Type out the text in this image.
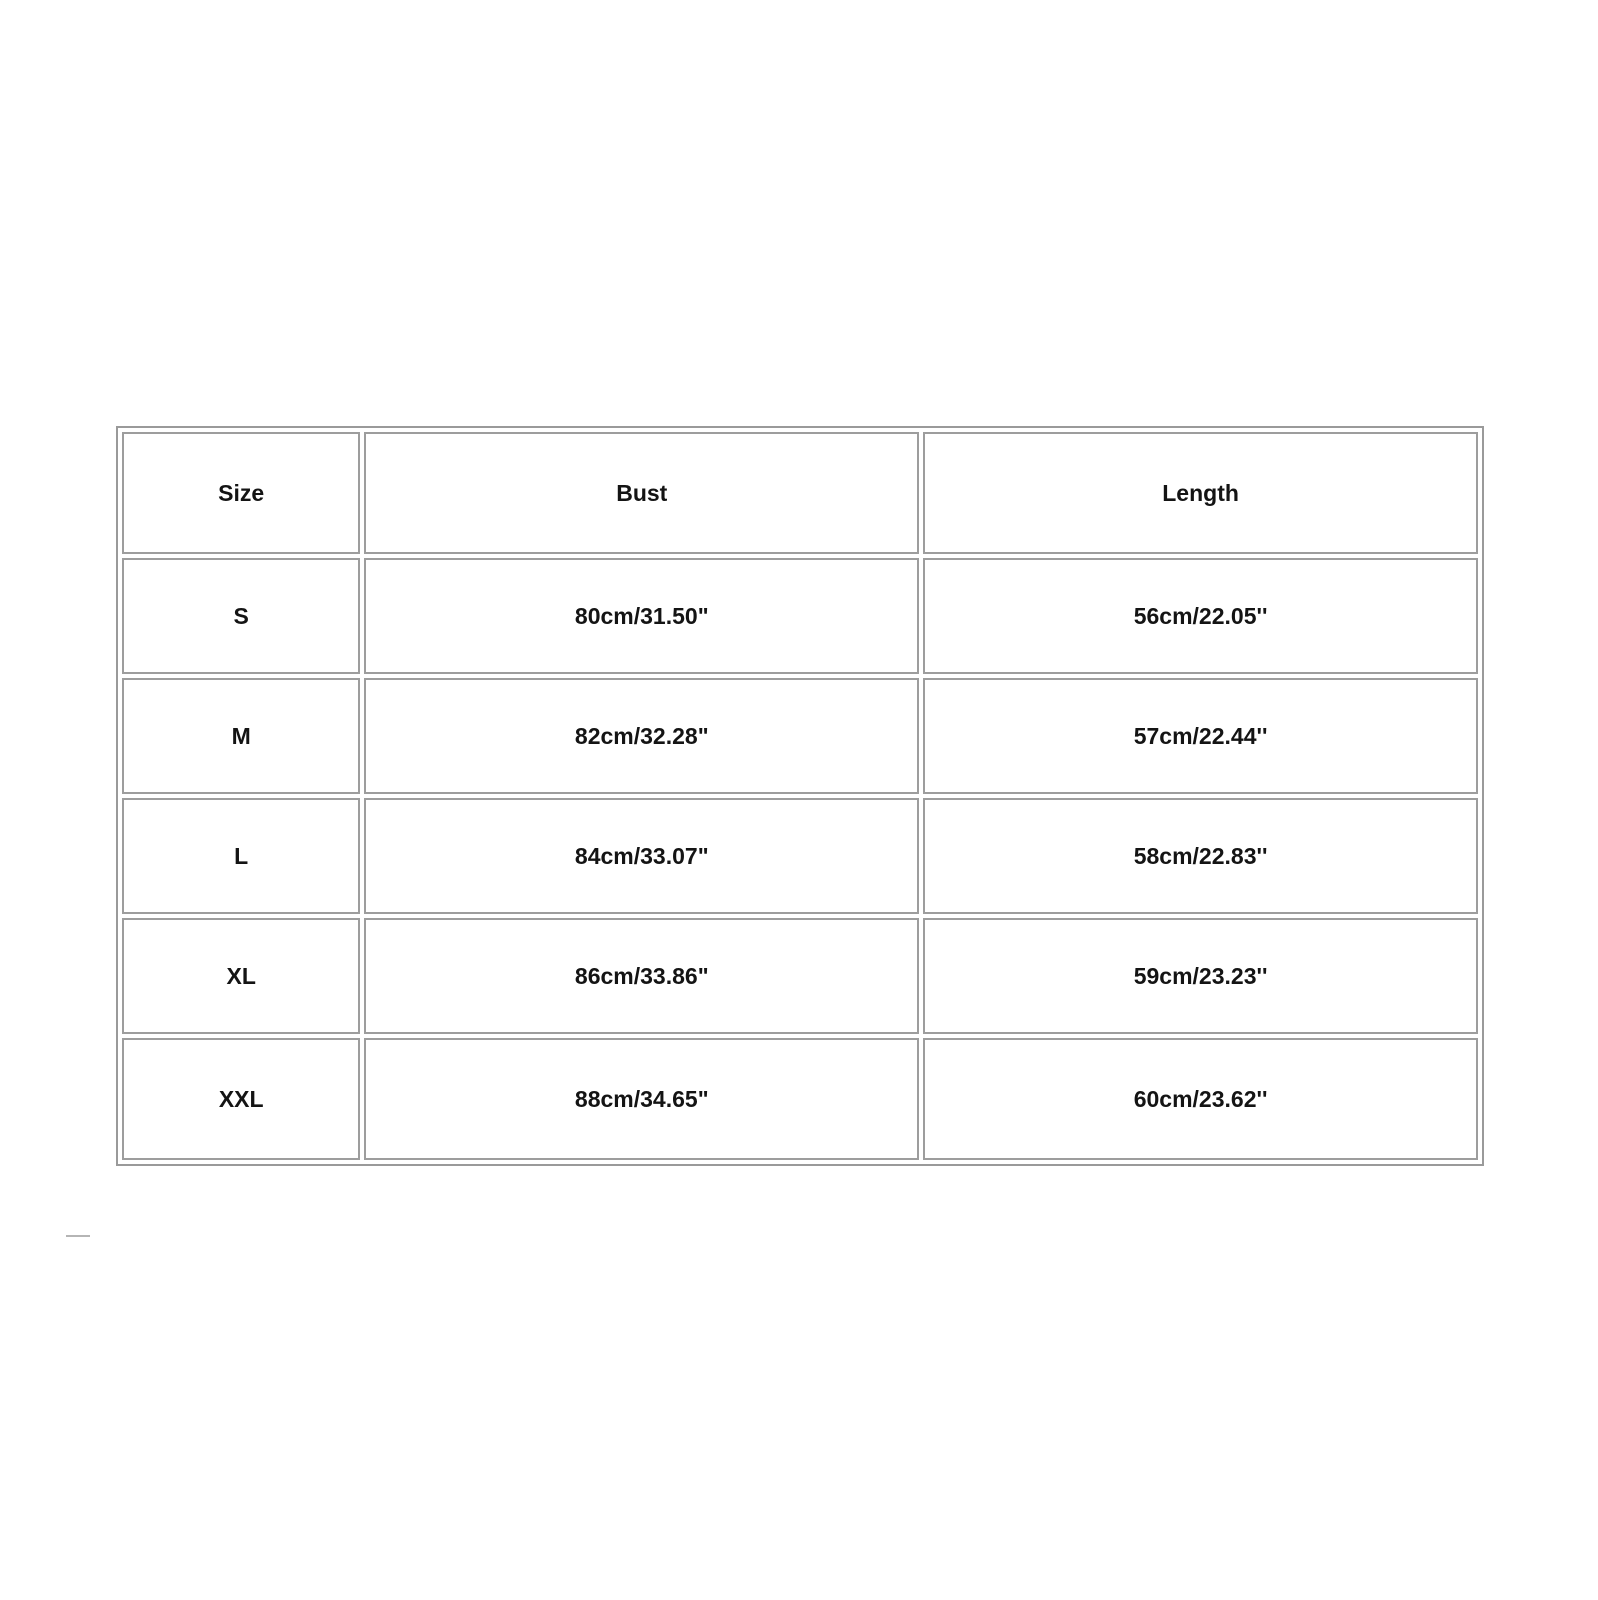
Size	Bust	Length
S	80cm/31.50"	56cm/22.05''
M	82cm/32.28"	57cm/22.44''
L	84cm/33.07"	58cm/22.83''
XL	86cm/33.86"	59cm/23.23''
XXL	88cm/34.65"	60cm/23.62''
